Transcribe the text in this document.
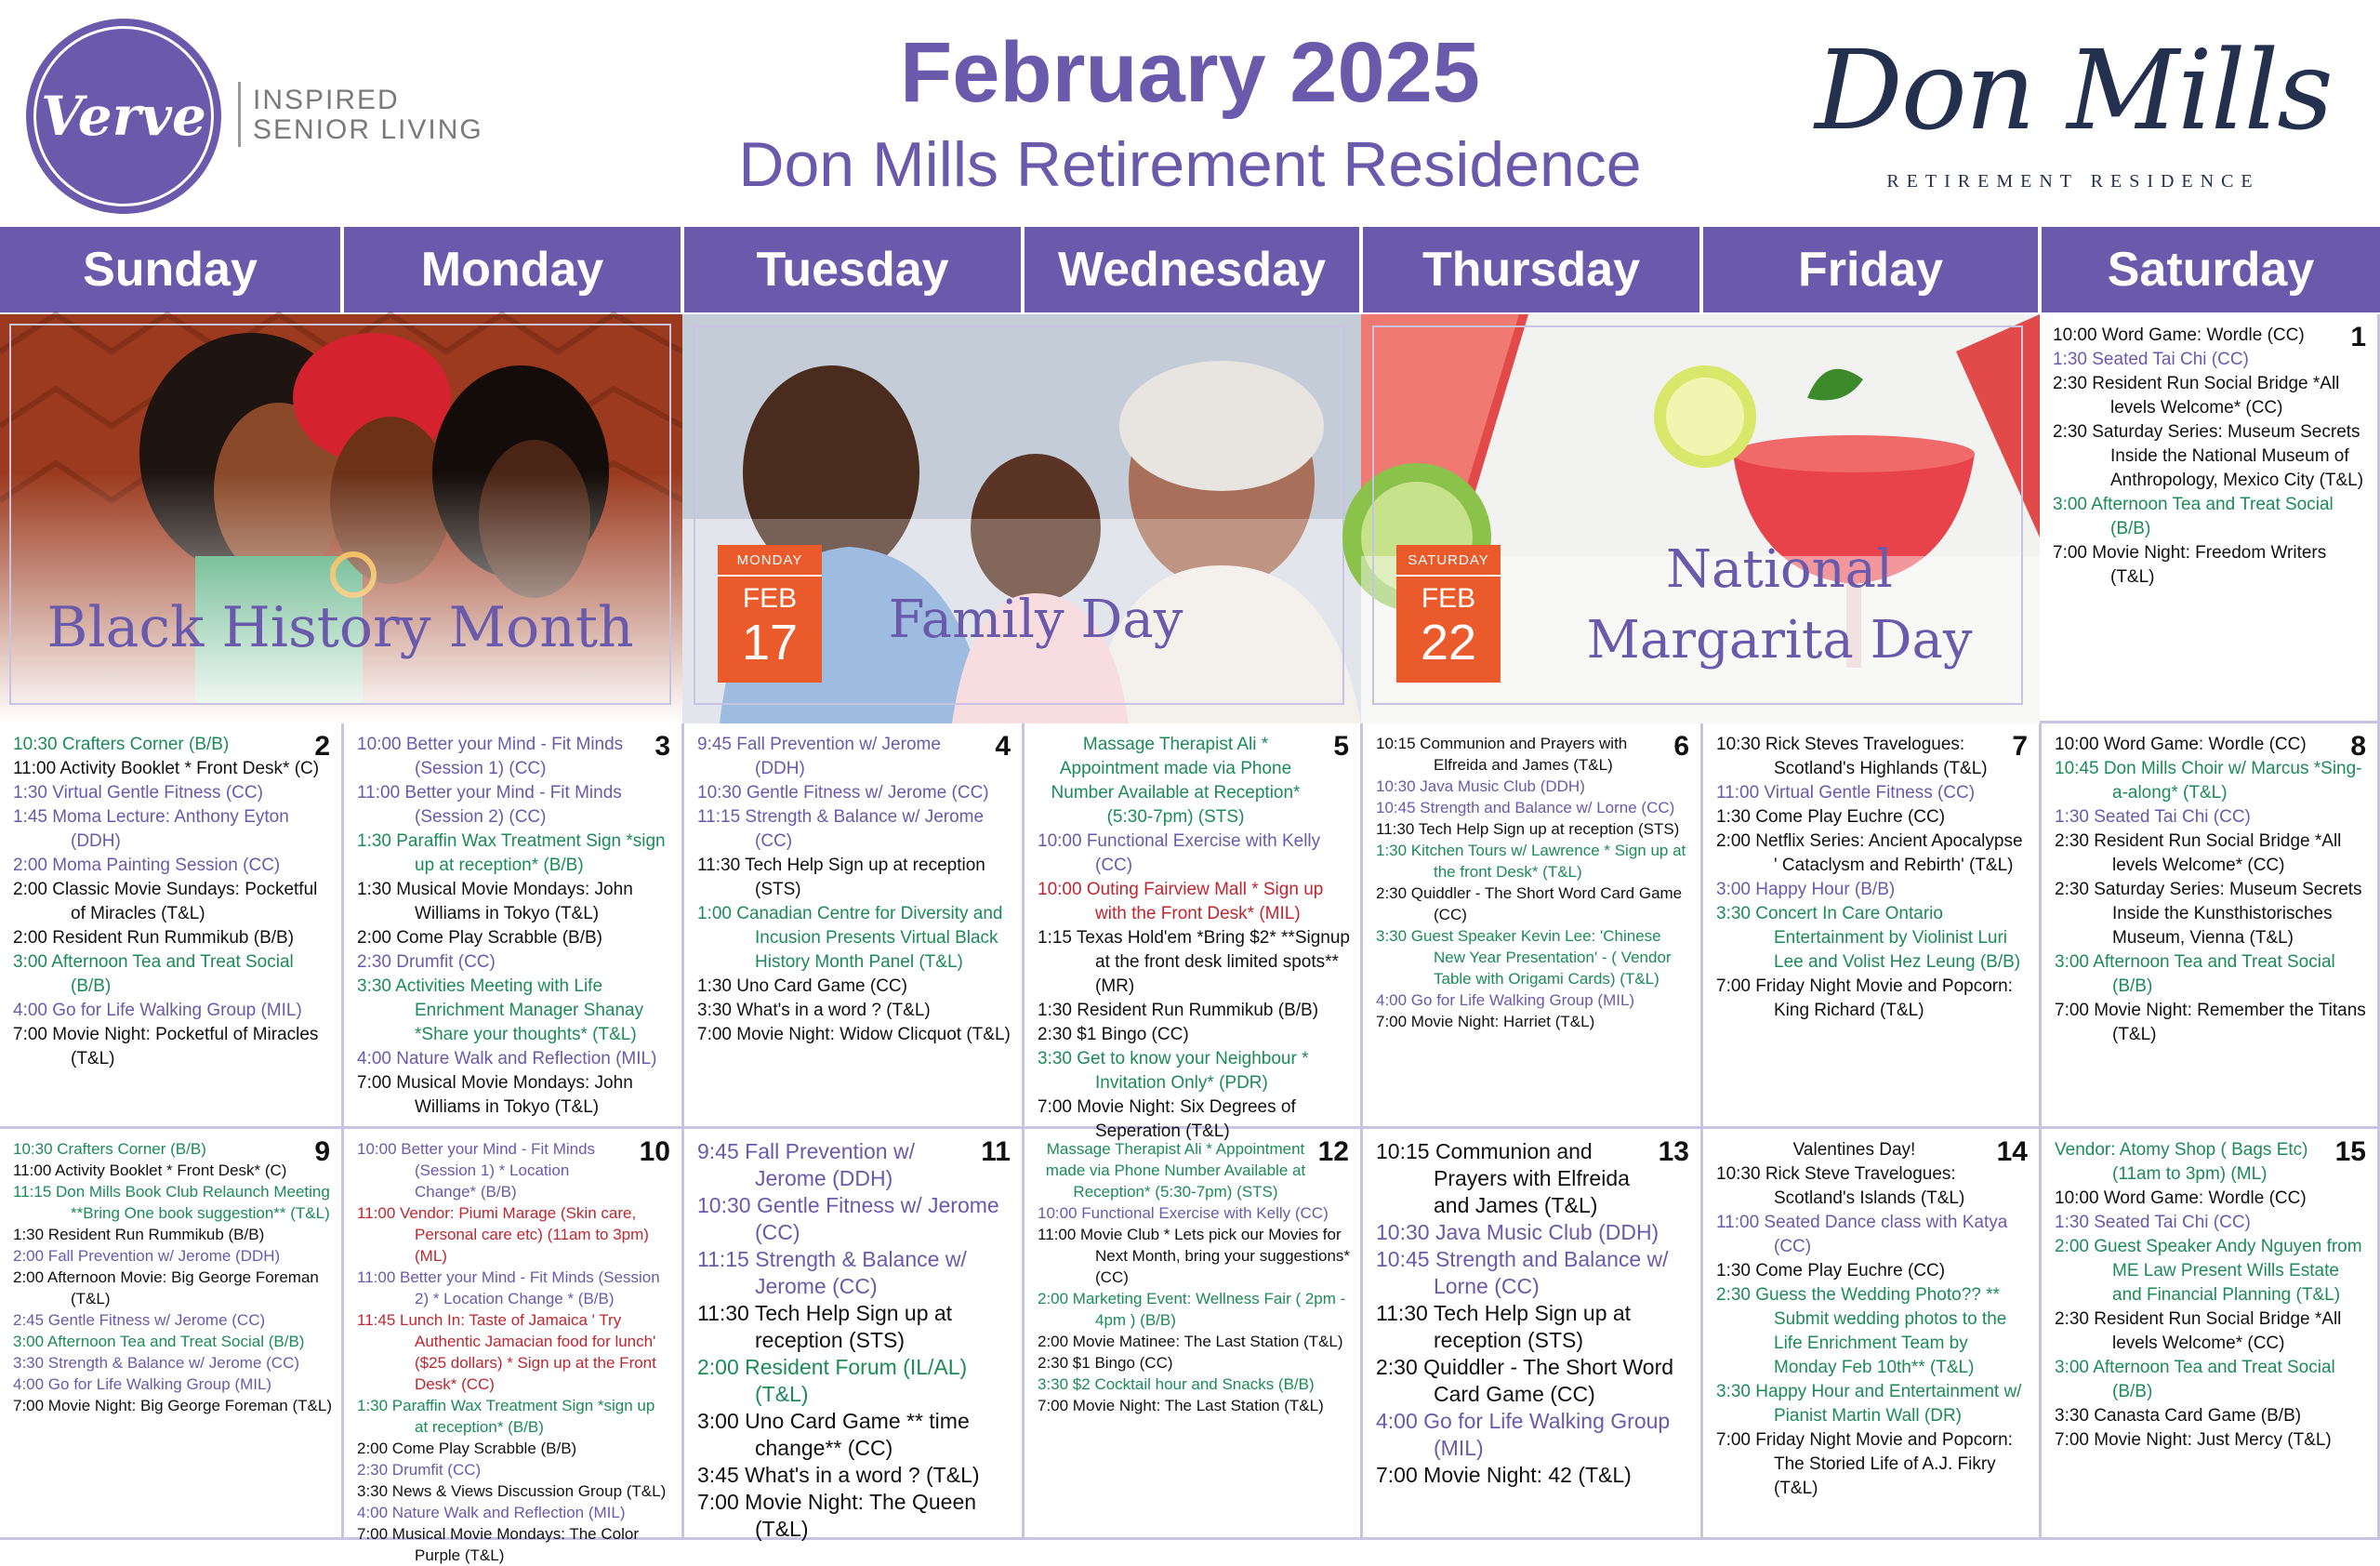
Verve INSPIRED
SENIOR LIVING
February 2025
Don Mills Retirement Residence
Don Mills
RETIREMENT RESIDENCE
Sunday	Monday	Tuesday	Wednesday	Thursday	Friday	Saturday
Black History Month
MONDAY
FEB
17	Family Day
SATURDAY
FEB
22
National
Margarita Day
1
10:00 Word Game: Wordle (CC)
1:30 Seated Tai Chi (CC)
2:30 Resident Run Social Bridge *All levels Welcome* (CC)
2:30 Saturday Series: Museum Secrets Inside the National Museum of Anthropology, Mexico City (T&L)
3:00 Afternoon Tea and Treat Social (B/B)
7:00 Movie Night: Freedom Writers (T&L)
2
10:30 Crafters Corner (B/B)
11:00 Activity Booklet * Front Desk* (C)
1:30 Virtual Gentle Fitness (CC)
1:45 Moma Lecture: Anthony Eyton (DDH)
2:00 Moma Painting Session (CC)
2:00 Classic Movie Sundays: Pocketful of Miracles (T&L)
2:00 Resident Run Rummikub (B/B)
3:00 Afternoon Tea and Treat Social (B/B)
4:00 Go for Life Walking Group (MIL)
7:00 Movie Night: Pocketful of Miracles (T&L)
3
10:00 Better your Mind - Fit Minds (Session 1) (CC)
11:00 Better your Mind - Fit Minds (Session 2) (CC)
1:30 Paraffin Wax Treatment Sign *sign up at reception* (B/B)
1:30 Musical Movie Mondays: John Williams in Tokyo (T&L)
2:00 Come Play Scrabble (B/B)
2:30 Drumfit (CC)
3:30 Activities Meeting with Life Enrichment Manager Shanay *Share your thoughts* (T&L)
4:00 Nature Walk and Reflection (MIL)
7:00 Musical Movie Mondays: John Williams in Tokyo (T&L)
4
9:45 Fall Prevention w/ Jerome (DDH)
10:30 Gentle Fitness w/ Jerome (CC)
11:15 Strength & Balance w/ Jerome (CC)
11:30 Tech Help Sign up at reception (STS)
1:00 Canadian Centre for Diversity and Incusion Presents Virtual Black History Month Panel (T&L)
1:30 Uno Card Game (CC)
3:30 What's in a word ? (T&L)
7:00 Movie Night: Widow Clicquot (T&L)
5
Massage Therapist Ali * Appointment made via Phone Number Available at Reception* (5:30-7pm) (STS)
10:00 Functional Exercise with Kelly (CC)
10:00 Outing Fairview Mall * Sign up with the Front Desk* (MIL)
1:15 Texas Hold'em *Bring $2* **Signup at the front desk limited spots** (MR)
1:30 Resident Run Rummikub (B/B)
2:30 $1 Bingo (CC)
3:30 Get to know your Neighbour * Invitation Only* (PDR)
7:00 Movie Night: Six Degrees of Seperation (T&L)
6
10:15 Communion and Prayers with Elfreida and James (T&L)
10:30 Java Music Club (DDH)
10:45 Strength and Balance w/ Lorne (CC)
11:30 Tech Help Sign up at reception (STS)
1:30 Kitchen Tours w/ Lawrence * Sign up at the front Desk* (T&L)
2:30 Quiddler - The Short Word Card Game (CC)
3:30 Guest Speaker Kevin Lee: 'Chinese New Year Presentation' - ( Vendor Table with Origami Cards) (T&L)
4:00 Go for Life Walking Group (MIL)
7:00 Movie Night: Harriet (T&L)
7
10:30 Rick Steves Travelogues: Scotland's Highlands (T&L)
11:00 Virtual Gentle Fitness (CC)
1:30 Come Play Euchre (CC)
2:00 Netflix Series: Ancient Apocalypse ' Cataclysm and Rebirth' (T&L)
3:00 Happy Hour (B/B)
3:30 Concert In Care Ontario Entertainment by Violinist Luri Lee and Volist Hez Leung (B/B)
7:00 Friday Night Movie and Popcorn: King Richard (T&L)
8
10:00 Word Game: Wordle (CC)
10:45 Don Mills Choir w/ Marcus *Sing-a-along* (T&L)
1:30 Seated Tai Chi (CC)
2:30 Resident Run Social Bridge *All levels Welcome* (CC)
2:30 Saturday Series: Museum Secrets Inside the Kunsthistorisches Museum, Vienna (T&L)
3:00 Afternoon Tea and Treat Social (B/B)
7:00 Movie Night: Remember the Titans (T&L)
9
10:30 Crafters Corner (B/B)
11:00 Activity Booklet * Front Desk* (C)
11:15 Don Mills Book Club Relaunch Meeting **Bring One book suggestion** (T&L)
1:30 Resident Run Rummikub (B/B)
2:00 Fall Prevention w/ Jerome (DDH)
2:00 Afternoon Movie: Big George Foreman (T&L)
2:45 Gentle Fitness w/ Jerome (CC)
3:00 Afternoon Tea and Treat Social (B/B)
3:30 Strength & Balance w/ Jerome (CC)
4:00 Go for Life Walking Group (MIL)
7:00 Movie Night: Big George Foreman (T&L)
10
10:00 Better your Mind - Fit Minds (Session 1) * Location Change* (B/B)
11:00 Vendor: Piumi Marage (Skin care, Personal care etc) (11am to 3pm) (ML)
11:00 Better your Mind - Fit Minds (Session 2) * Location Change * (B/B)
11:45 Lunch In: Taste of Jamaica ' Try Authentic Jamacian food for lunch' ($25 dollars) * Sign up at the Front Desk* (CC)
1:30 Paraffin Wax Treatment Sign *sign up at reception* (B/B)
2:00 Come Play Scrabble (B/B)
2:30 Drumfit (CC)
3:30 News & Views Discussion Group (T&L)
4:00 Nature Walk and Reflection (MIL)
7:00 Musical Movie Mondays: The Color Purple (T&L)
11
9:45 Fall Prevention w/ Jerome (DDH)
10:30 Gentle Fitness w/ Jerome (CC)
11:15 Strength & Balance w/ Jerome (CC)
11:30 Tech Help Sign up at reception (STS)
2:00 Resident Forum (IL/AL) (T&L)
3:00 Uno Card Game ** time change** (CC)
3:45 What's in a word ? (T&L)
7:00 Movie Night: The Queen (T&L)
12
Massage Therapist Ali * Appointment made via Phone Number Available at Reception* (5:30-7pm) (STS)
10:00 Functional Exercise with Kelly (CC)
11:00 Movie Club * Lets pick our Movies for Next Month, bring your suggestions* (CC)
2:00 Marketing Event: Wellness Fair ( 2pm - 4pm ) (B/B)
2:00 Movie Matinee: The Last Station (T&L)
2:30 $1 Bingo (CC)
3:30 $2 Cocktail hour and Snacks (B/B)
7:00 Movie Night: The Last Station (T&L)
13
10:15 Communion and Prayers with Elfreida and James (T&L)
10:30 Java Music Club (DDH)
10:45 Strength and Balance w/ Lorne (CC)
11:30 Tech Help Sign up at reception (STS)
2:30 Quiddler - The Short Word Card Game (CC)
4:00 Go for Life Walking Group (MIL)
7:00 Movie Night: 42 (T&L)
14
Valentines Day!
10:30 Rick Steve Travelogues: Scotland's Islands (T&L)
11:00 Seated Dance class with Katya (CC)
1:30 Come Play Euchre (CC)
2:30 Guess the Wedding Photo?? ** Submit wedding photos to the Life Enrichment Team by Monday Feb 10th** (T&L)
3:30 Happy Hour and Entertainment w/ Pianist Martin Wall (DR)
7:00 Friday Night Movie and Popcorn: The Storied Life of A.J. Fikry (T&L)
15
Vendor: Atomy Shop ( Bags Etc) (11am to 3pm) (ML)
10:00 Word Game: Wordle (CC)
1:30 Seated Tai Chi (CC)
2:00 Guest Speaker Andy Nguyen from ME Law Present Wills Estate and Financial Planning (T&L)
2:30 Resident Run Social Bridge *All levels Welcome* (CC)
3:00 Afternoon Tea and Treat Social (B/B)
3:30 Canasta Card Game (B/B)
7:00 Movie Night: Just Mercy (T&L)
